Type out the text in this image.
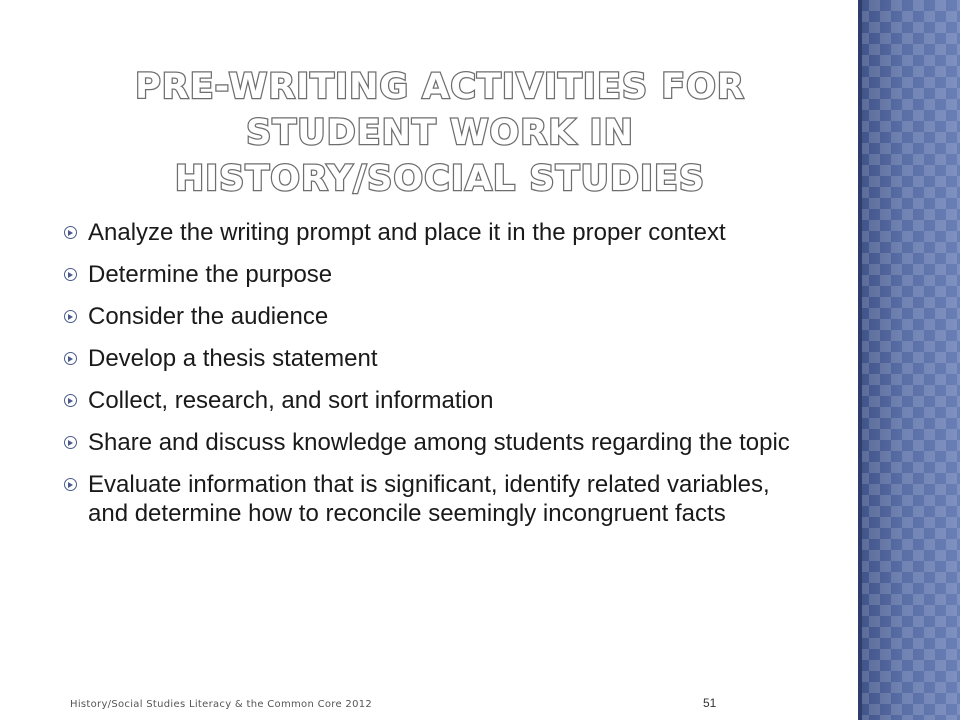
PRE-WRITING ACTIVITIES FOR STUDENT WORK IN HISTORY/SOCIAL STUDIES
Analyze the writing prompt and place it in the proper context
Determine the purpose
Consider the audience
Develop a thesis statement
Collect, research, and sort information
Share and discuss knowledge among students regarding the topic
Evaluate information that is significant, identify related variables, and determine how to reconcile seemingly incongruent facts
History/Social Studies Literacy & the Common Core 2012	51
